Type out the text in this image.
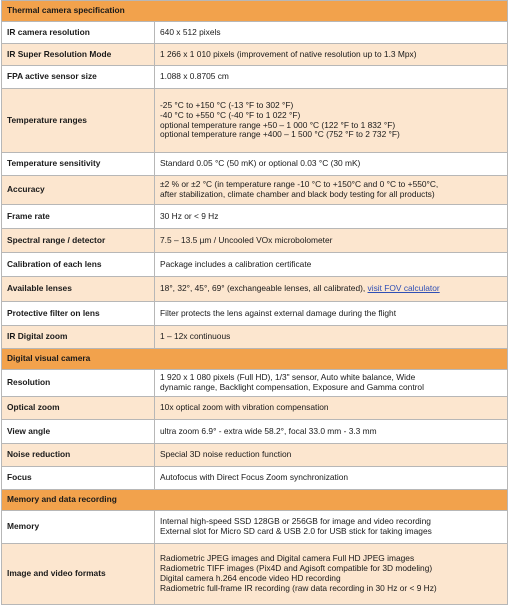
Thermal camera specification	
IR camera resolution	640 x 512 pixels

IR Super Resolution Mode	1 266 x 1 010 pixels (improvement of native resolution up to 1.3 Mpx)

FPA active sensor size	1.088 x 0.8705 cm

Temperature ranges	-25 °C to +150 °C (-13 °F to 302 °F)
-40 °C to +550 °C (-40 °F to 1 022 °F)
optional temperature range +50 – 1 000 °C (122 °F to 1 832 °F)
optional temperature range +400 – 1 500 °C (752 °F to 2 732 °F)

Temperature sensitivity	Standard 0.05 °C (50 mK) or optional 0.03 °C (30 mK)

Accuracy	±2 % or ±2 °C (in temperature range -10 °C to +150°C and 0 °C to +550°C,
after stabilization, climate chamber and black body testing for all products)

Frame rate	30 Hz or < 9 Hz

Spectral range / detector	7.5 – 13.5 µm / Uncooled VOx microbolometer

Calibration of each lens	Package includes a calibration certificate

Available lenses	18°, 32°, 45°, 69° (exchangeable lenses, all calibrated), visit FOV calculator
Protective filter on lens	Filter protects the lens against external damage during the flight

IR Digital zoom	1 – 12x continuous

Digital visual camera	
Resolution	1 920 x 1 080 pixels (Full HD), 1/3" sensor, Auto white balance, Wide
dynamic range, Backlight compensation, Exposure and Gamma control

Optical zoom	10x optical zoom with vibration compensation

View angle	ultra zoom 6.9° - extra wide 58.2°, focal 33.0 mm - 3.3 mm

Noise reduction	Special 3D noise reduction function

Focus	Autofocus with Direct Focus Zoom synchronization

Memory and data recording	
Memory	Internal high-speed SSD 128GB or 256GB for image and video recording
External slot for Micro SD card & USB 2.0 for USB stick for taking images

Image and video formats	Radiometric JPEG images and Digital camera Full HD JPEG images
Radiometric TIFF images (Pix4D and Agisoft compatible for 3D modeling)
Digital camera h.264 encode video HD recording
Radiometric full-frame IR recording (raw data recording in 30 Hz or < 9 Hz)
